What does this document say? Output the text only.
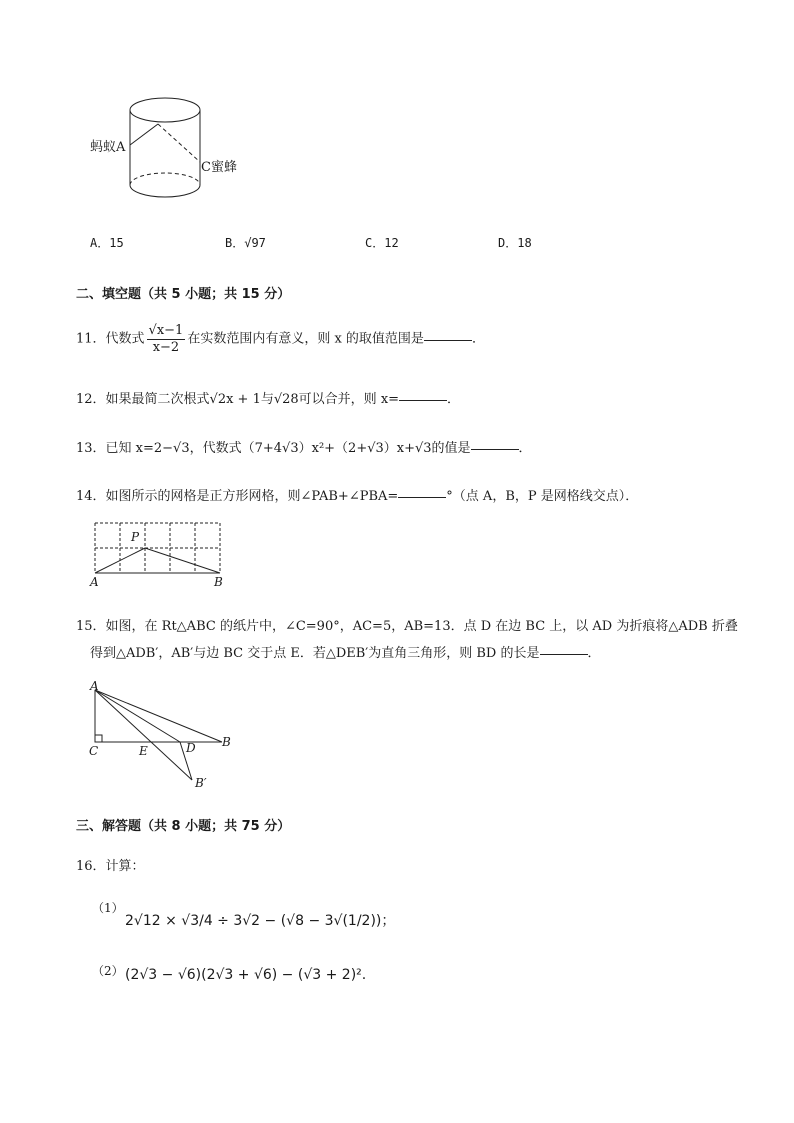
蚂蚁A
C蜜蜂
A．15	B．√97	C．12	D．18
二、填空题（共 5 小题；共 15 分）
11．代数式 $\frac{√x-1}{x-2}$ 在实数范围内有意义，则 x 的取值范围是	．
12．如果最简二次根式√2x + 1与√28可以合并，则 x=	．
13．已知 x=2−√3，代数式（7+4√3）x²+（2+√3）x+√3的值是	．
14．如图所示的网格是正方形网格，则∠PAB+∠PBA=	°（点 A，B，P 是网格线交点）．
P
A	B
15．如图，在 Rt△ABC 的纸片中，∠C=90°，AC=5，AB=13．点 D 在边 BC 上，以 AD 为折痕将△ADB 折叠
得到△ADB′，AB′与边 BC 交于点 E．若△DEB′为直角三角形，则 BD 的长是	．
A
C	E	D B
B′
三、解答题（共 8 小题；共 75 分）
16．计算：
（1）
2√12 × √3/4 ÷ 3√2 − (√8 − 3√(1/2))；
（2） (2√3 − √6)(2√3 + √6) − (√3 + 2)².
